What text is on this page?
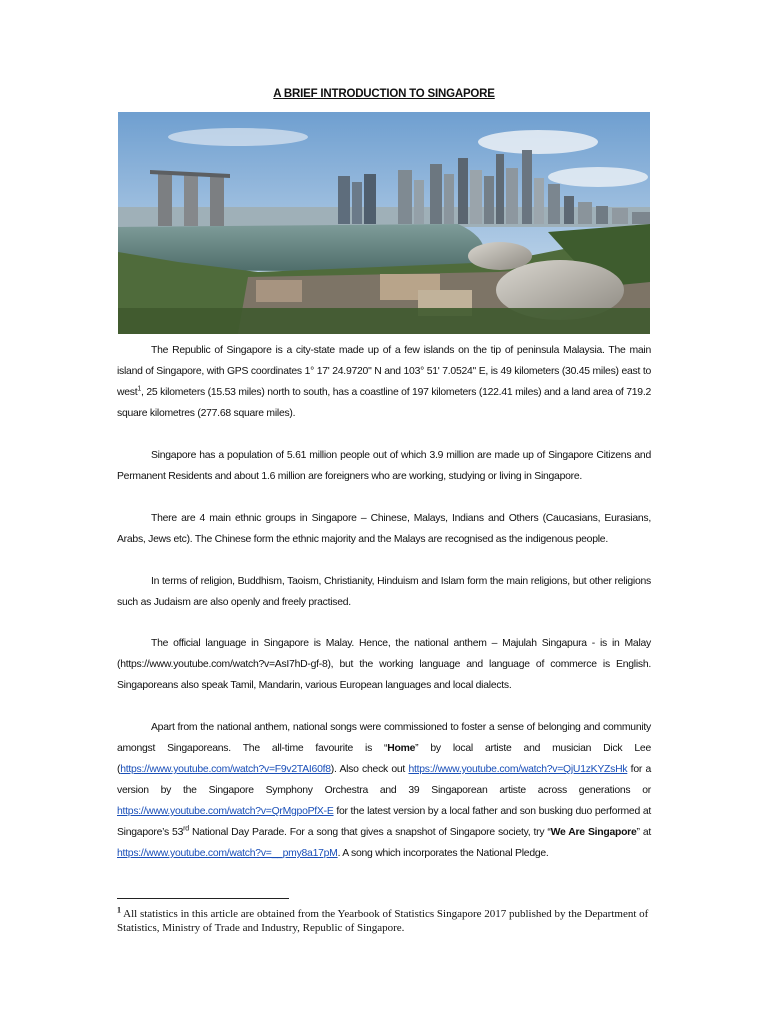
A BRIEF INTRODUCTION TO SINGAPORE
The Republic of Singapore is a city-state made up of a few islands on the tip of peninsula Malaysia. The main island of Singapore, with GPS coordinates 1° 17' 24.9720" N and 103° 51' 7.0524" E, is 49 kilometers (30.45 miles) east to west$^1$, 25 kilometers (15.53 miles) north to south, has a coastline of 197 kilometers (122.41 miles) and a land area of 719.2 square kilometres (277.68 square miles).
Singapore has a population of 5.61 million people out of which 3.9 million are made up of Singapore Citizens and Permanent Residents and about 1.6 million are foreigners who are working, studying or living in Singapore.
There are 4 main ethnic groups in Singapore – Chinese, Malays, Indians and Others (Caucasians, Eurasians, Arabs, Jews etc). The Chinese form the ethnic majority and the Malays are recognised as the indigenous people.
In terms of religion, Buddhism, Taoism, Christianity, Hinduism and Islam form the main religions, but other religions such as Judaism are also openly and freely practised.
The official language in Singapore is Malay. Hence, the national anthem – Majulah Singapura - is in Malay (https://www.youtube.com/watch?v=AsI7hD-gf-8), but the working language and language of commerce is English. Singaporeans also speak Tamil, Mandarin, various European languages and local dialects.
Apart from the national anthem, national songs were commissioned to foster a sense of belonging and community amongst Singaporeans. The all-time favourite is “Home” by local artiste and musician Dick Lee (https://www.youtube.com/watch?v=F9v2TAI60f8). Also check out https://www.youtube.com/watch?v=QjU1zKYZsHk for a version by the Singapore Symphony Orchestra and 39 Singaporean artiste across generations or https://www.youtube.com/watch?v=QrMgpoPfX-E for the latest version by a local father and son busking duo performed at Singapore’s 53rd National Day Parade. For a song that gives a snapshot of Singapore society, try “We Are Singapore” at https://www.youtube.com/watch?v=__pmy8a17pM. A song which incorporates the National Pledge.
$^1$ All statistics in this article are obtained from the Yearbook of Statistics Singapore 2017 published by the Department of Statistics, Ministry of Trade and Industry, Republic of Singapore.
